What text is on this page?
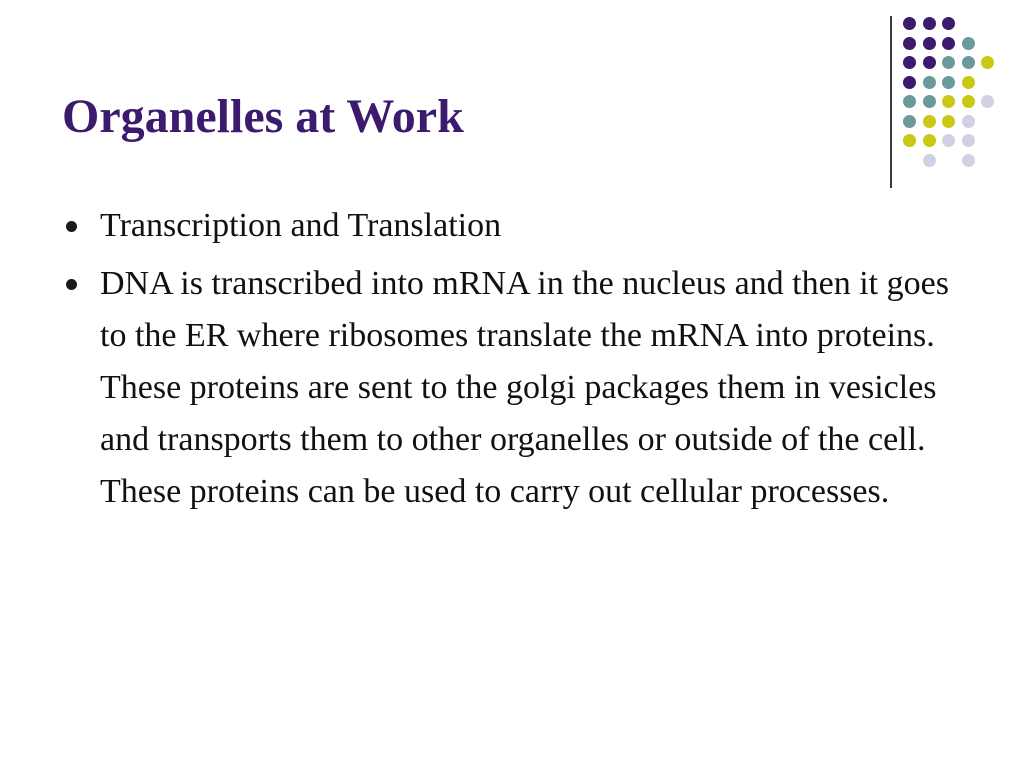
Organelles at Work
Transcription and Translation
DNA is transcribed into mRNA in the nucleus and then it goes to the ER where ribosomes translate the mRNA into proteins. These proteins are sent to the golgi packages them in vesicles and transports them to other organelles or outside of the cell. These proteins can be used to carry out cellular processes.
